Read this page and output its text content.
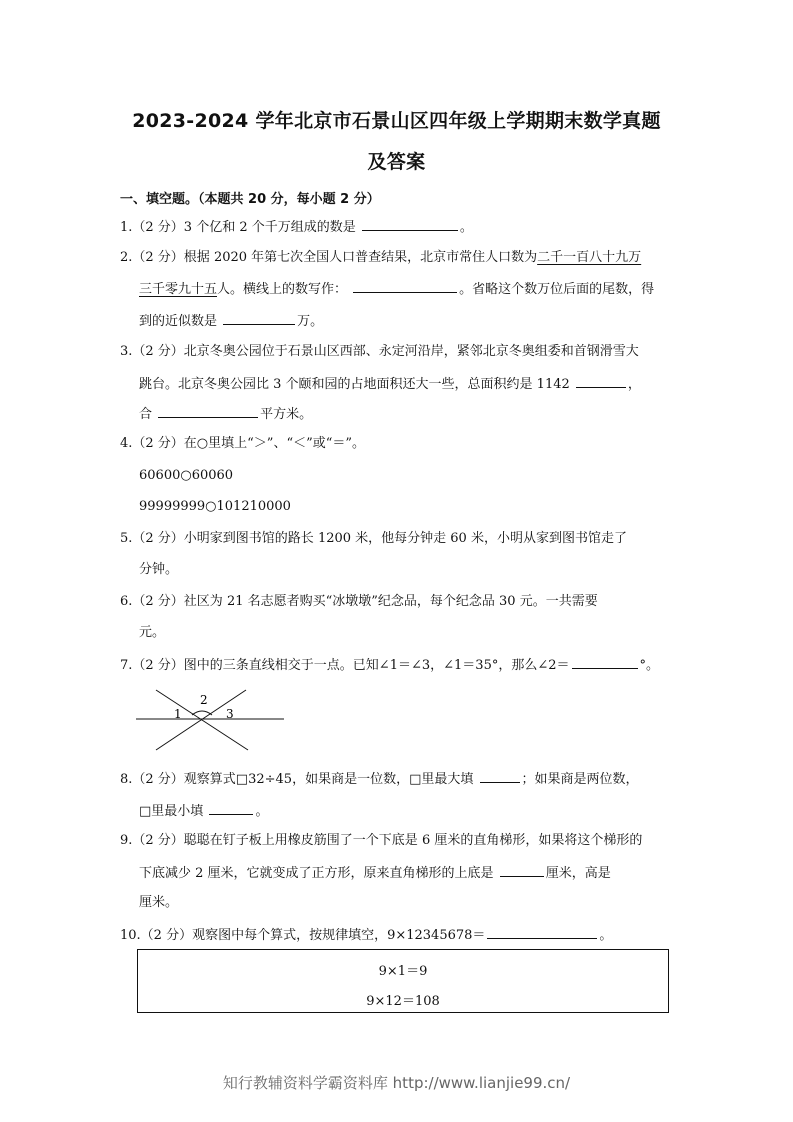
2023-2024 学年北京市石景山区四年级上学期期末数学真题
及答案
一、填空题。（本题共 20 分，每小题 2 分）
1.（2 分）3 个亿和 2 个千万组成的数是	。
2.（2 分）根据 2020 年第七次全国人口普查结果，北京市常住人口数为二千一百八十九万
三千零九十五人。横线上的数写作：	。省略这个数万位后面的尾数，得
到的近似数是	万。
3.（2 分）北京冬奥公园位于石景山区西部、永定河沿岸，紧邻北京冬奥组委和首钢滑雪大
跳台。北京冬奥公园比 3 个颐和园的占地面积还大一些，总面积约是 1142	，
合	平方米。
4.（2 分）在○里填上“＞”、“＜”或“＝”。
60600○60060
99999999○101210000
5.（2 分）小明家到图书馆的路长 1200 米，他每分钟走 60 米，小明从家到图书馆走了
分钟。
6.（2 分）社区为 21 名志愿者购买“冰墩墩”纪念品，每个纪念品 30 元。一共需要
元。
7.（2 分）图中的三条直线相交于一点。已知∠1＝∠3，∠1＝35°，那么∠2＝	°。
1
2
3
8.（2 分）观察算式□32÷45，如果商是一位数，□里最大填	；如果商是两位数，
□里最小填	。
9.（2 分）聪聪在钉子板上用橡皮筋围了一个下底是 6 厘米的直角梯形，如果将这个梯形的
下底减少 2 厘米，它就变成了正方形，原来直角梯形的上底是	厘米，高是
厘米。
10.（2 分）观察图中每个算式，按规律填空，9×12345678＝	。
9×1＝9
9×12＝108
知行教辅资料学霸资料库 http://www.lianjie99.cn/
